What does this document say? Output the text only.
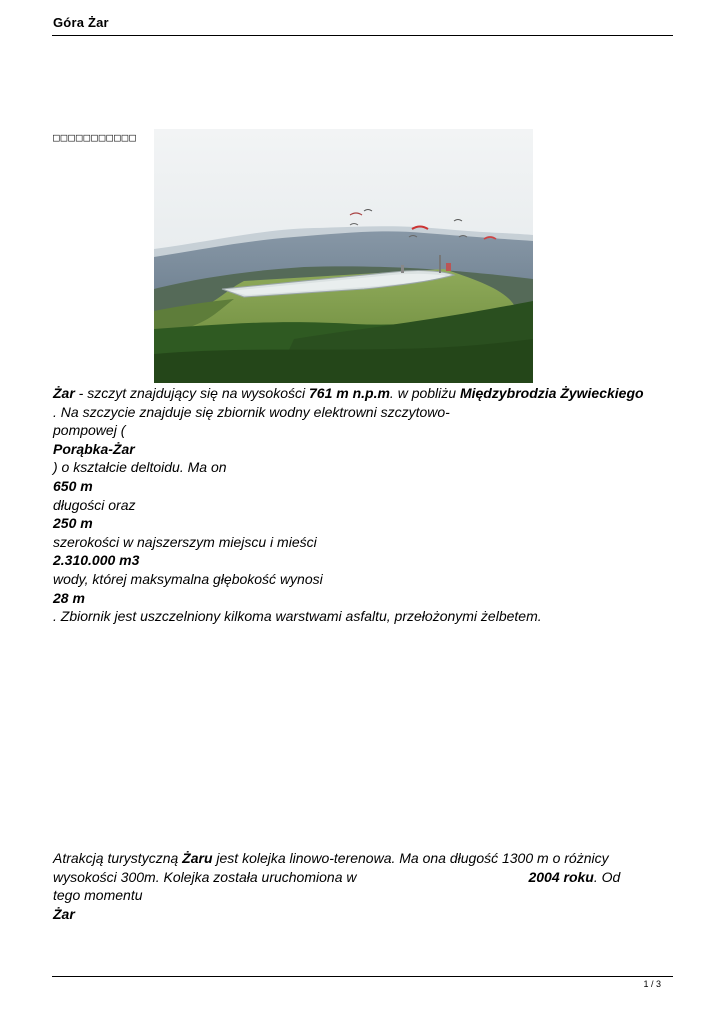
Góra Żar
□□□□□□□□□□□
Żar - szczyt znajdujący się na wysokości 761 m n.p.m. w pobliżu Międzybrodzia Żywieckiego
. Na szczycie znajduje się zbiornik wodny elektrowni szczytowo-
pompowej (
Porąbka-Żar
) o kształcie deltoidu. Ma on
650 m
długości oraz
250 m
szerokości w najszerszym miejscu i mieści
2.310.000 m3
wody, której maksymalna głębokość wynosi
28 m
. Zbiornik jest uszczelniony kilkoma warstwami asfaltu, przełożonymi żelbetem.
Atrakcją turystyczną Żaru jest kolejka linowo-terenowa. Ma ona długość 1300 m o różnicy
wysokości 300m. Kolejka została uruchomiona w	2004 roku. Od
tego momentu
Żar
1 / 3
